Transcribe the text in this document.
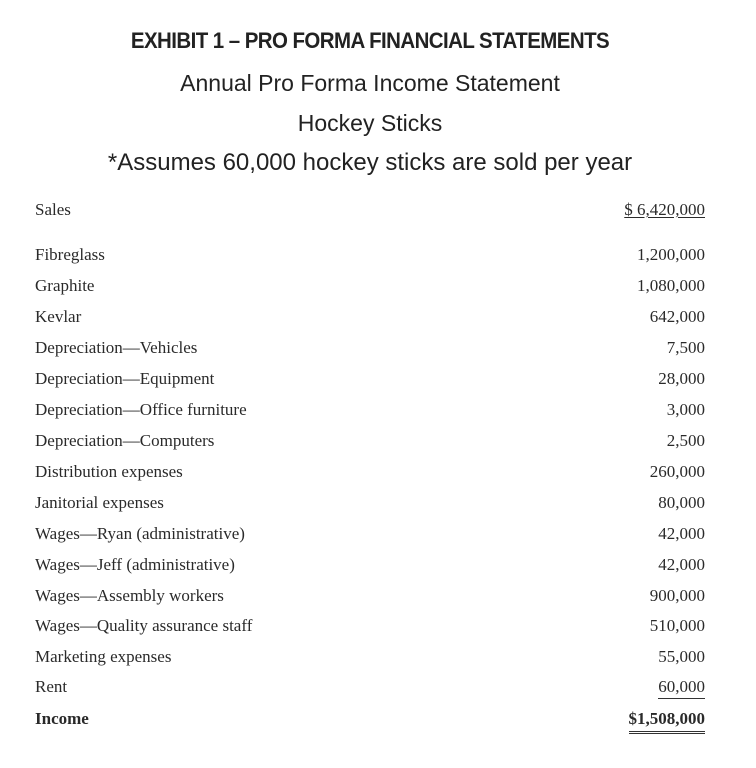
EXHIBIT 1 – PRO FORMA FINANCIAL STATEMENTS
Annual Pro Forma Income Statement
Hockey Sticks
*Assumes 60,000 hockey sticks are sold per year
Sales	$ 6,420,000
Fibreglass	1,200,000
Graphite	1,080,000
Kevlar	642,000
Depreciation—Vehicles	7,500
Depreciation—Equipment	28,000
Depreciation—Office furniture	3,000
Depreciation—Computers	2,500
Distribution expenses	260,000
Janitorial expenses	80,000
Wages—Ryan (administrative)	42,000
Wages—Jeff (administrative)	42,000
Wages—Assembly workers	900,000
Wages—Quality assurance staff	510,000
Marketing expenses	55,000
Rent	60,000
Income	$1,508,000
